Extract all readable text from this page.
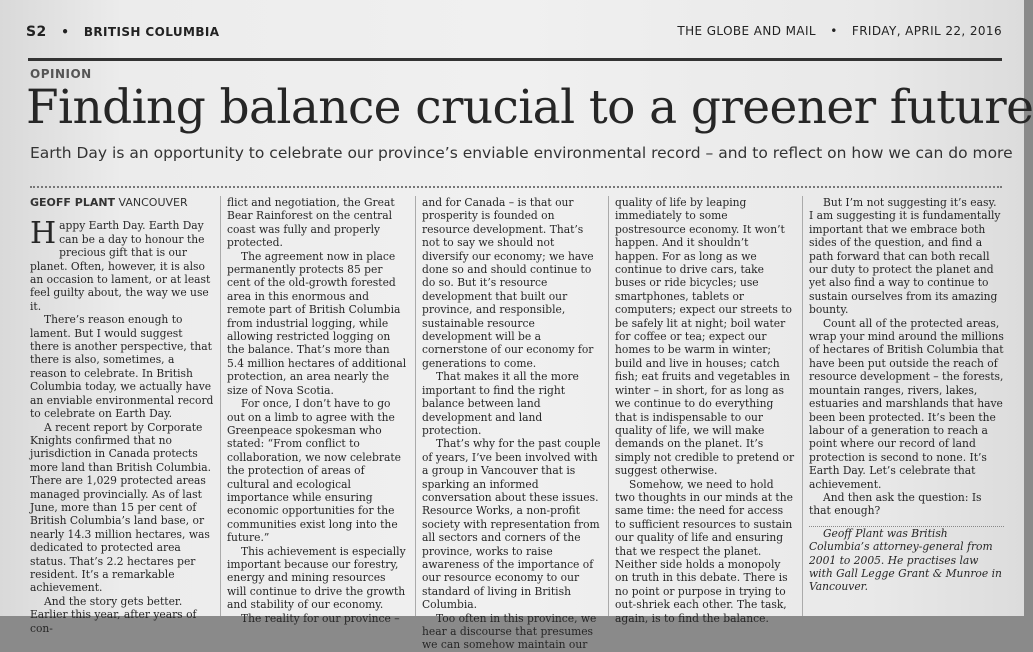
S2 • BRITISH COLUMBIA	THE GLOBE AND MAIL • FRIDAY, APRIL 22, 2016
OPINION
Finding balance crucial to a greener future
Earth Day is an opportunity to celebrate our province’s enviable environmental record – and to reflect on how we can do more
GEOFF PLANT VANCOUVER

Happy Earth Day. Earth Day can be a day to honour the precious gift that is our planet. Often, however, it is also an occasion to lament, or at least feel guilty about, the way we use it.

There’s reason enough to lament. But I would suggest there is another perspective, that there is also, sometimes, a reason to celebrate. In British Columbia today, we actually have an enviable environmental record to celebrate on Earth Day.

A recent report by Corporate Knights confirmed that no jurisdiction in Canada protects more land than British Columbia. There are 1,029 protected areas managed provincially. As of last June, more than 15 per cent of British Columbia’s land base, or nearly 14.3 million hectares, was dedicated to protected area status. That’s 2.2 hectares per resident. It’s a remarkable achievement.

And the story gets better. Earlier this year, after years of con-

flict and negotiation, the Great Bear Rainforest on the central coast was fully and properly protected.

The agreement now in place permanently protects 85 per cent of the old-growth forested area in this enormous and remote part of British Columbia from industrial logging, while allowing restricted logging on the balance. That’s more than 5.4 million hectares of additional protection, an area nearly the size of Nova Scotia.

For once, I don’t have to go out on a limb to agree with the Greenpeace spokesman who stated: “From conflict to collaboration, we now celebrate the protection of areas of cultural and ecological importance while ensuring economic opportunities for the communities exist long into the future.”

This achievement is especially important because our forestry, energy and mining resources will continue to drive the growth and stability of our economy.

The reality for our province –

and for Canada – is that our prosperity is founded on resource development. That’s not to say we should not diversify our economy; we have done so and should continue to do so. But it’s resource development that built our province, and responsible, sustainable resource development will be a cornerstone of our economy for generations to come.

That makes it all the more important to find the right balance between land development and land protection.

That’s why for the past couple of years, I’ve been involved with a group in Vancouver that is sparking an informed conversation about these issues. Resource Works, a non-profit society with representation from all sectors and corners of the province, works to raise awareness of the importance of our resource economy to our standard of living in British Columbia.

Too often in this province, we hear a discourse that presumes we can somehow maintain our

quality of life by leaping immediately to some postresource economy. It won’t happen. And it shouldn’t happen. For as long as we continue to drive cars, take buses or ride bicycles; use smartphones, tablets or computers; expect our streets to be safely lit at night; boil water for coffee or tea; expect our homes to be warm in winter; build and live in houses; catch fish; eat fruits and vegetables in winter – in short, for as long as we continue to do everything that is indispensable to our quality of life, we will make demands on the planet. It’s simply not credible to pretend or suggest otherwise.

Somehow, we need to hold two thoughts in our minds at the same time: the need for access to sufficient resources to sustain our quality of life and ensuring that we respect the planet. Neither side holds a monopoly on truth in this debate. There is no point or purpose in trying to out-shriek each other. The task, again, is to find the balance.

But I’m not suggesting it’s easy. I am suggesting it is fundamentally important that we embrace both sides of the question, and find a path forward that can both recall our duty to protect the planet and yet also find a way to continue to sustain ourselves from its amazing bounty.

Count all of the protected areas, wrap your mind around the millions of hectares of British Columbia that have been put outside the reach of resource development – the forests, mountain ranges, rivers, lakes, estuaries and marshlands that have been been protected. It’s been the labour of a generation to reach a point where our record of land protection is second to none. It’s Earth Day. Let’s celebrate that achievement.

And then ask the question: Is that enough?

Geoff Plant was British Columbia’s attorney-general from 2001 to 2005. He practises law with Gall Legge Grant & Munroe in Vancouver.
